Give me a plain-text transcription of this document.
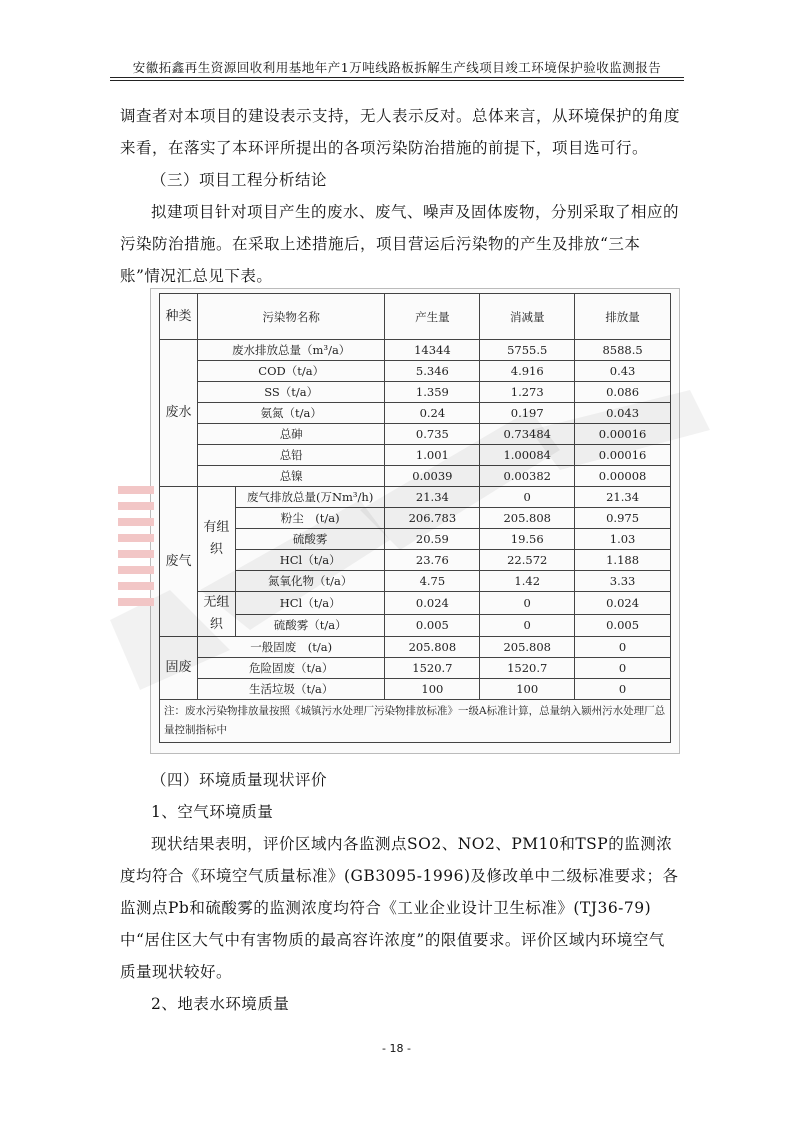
安徽拓鑫再生资源回收利用基地年产1万吨线路板拆解生产线项目竣工环境保护验收监测报告

调查者对本项目的建设表示支持，无人表示反对。总体来言，从环境保护的角度来看，在落实了本环评所提出的各项污染防治措施的前提下，项目选可行。

（三）项目工程分析结论

拟建项目针对项目产生的废水、废气、噪声及固体废物，分别采取了相应的污染防治措施。在采取上述措施后，项目营运后污染物的产生及排放“三本账”情况汇总见下表。

种类	污染物名称		产生量	消减量	排放量
废水	废水排放总量（m³/a）		14344	5755.5	8588.5
	COD（t/a）		5.346	4.916	0.43
	SS（t/a）		1.359	1.273	0.086
	氨氮（t/a）		0.24	0.197	0.043
	总砷		0.735	0.73484	0.00016
	总铅		1.001	1.00084	0.00016
	总镍		0.0039	0.00382	0.00008
废气	有组织	废气排放总量(万Nm³/h)	21.34	0	21.34
		粉尘　(t/a)	206.783	205.808	0.975
		硫酸雾	20.59	19.56	1.03
		HCl（t/a）	23.76	22.572	1.188
		氮氧化物（t/a）	4.75	1.42	3.33
	无组织	HCl（t/a）	0.024	0	0.024
		硫酸雾（t/a）	0.005	0	0.005
固废	一般固废　(t/a)		205.808	205.808	0
	危险固废（t/a）		1520.7	1520.7	0
	生活垃圾（t/a）		100	100	0
注：废水污染物排放量按照《城镇污水处理厂污染物排放标准》一级A标准计算，总量纳入颍州污水处理厂总量控制指标中					

（四）环境质量现状评价

1、空气环境质量

现状结果表明，评价区域内各监测点SO2、NO2、PM10和TSP的监测浓度均符合《环境空气质量标准》(GB3095-1996)及修改单中二级标准要求；各监测点Pb和硫酸雾的监测浓度均符合《工业企业设计卫生标准》(TJ36-79)中“居住区大气中有害物质的最高容许浓度”的限值要求。评价区域内环境空气质量现状较好。

2、地表水环境质量

- 18 -
